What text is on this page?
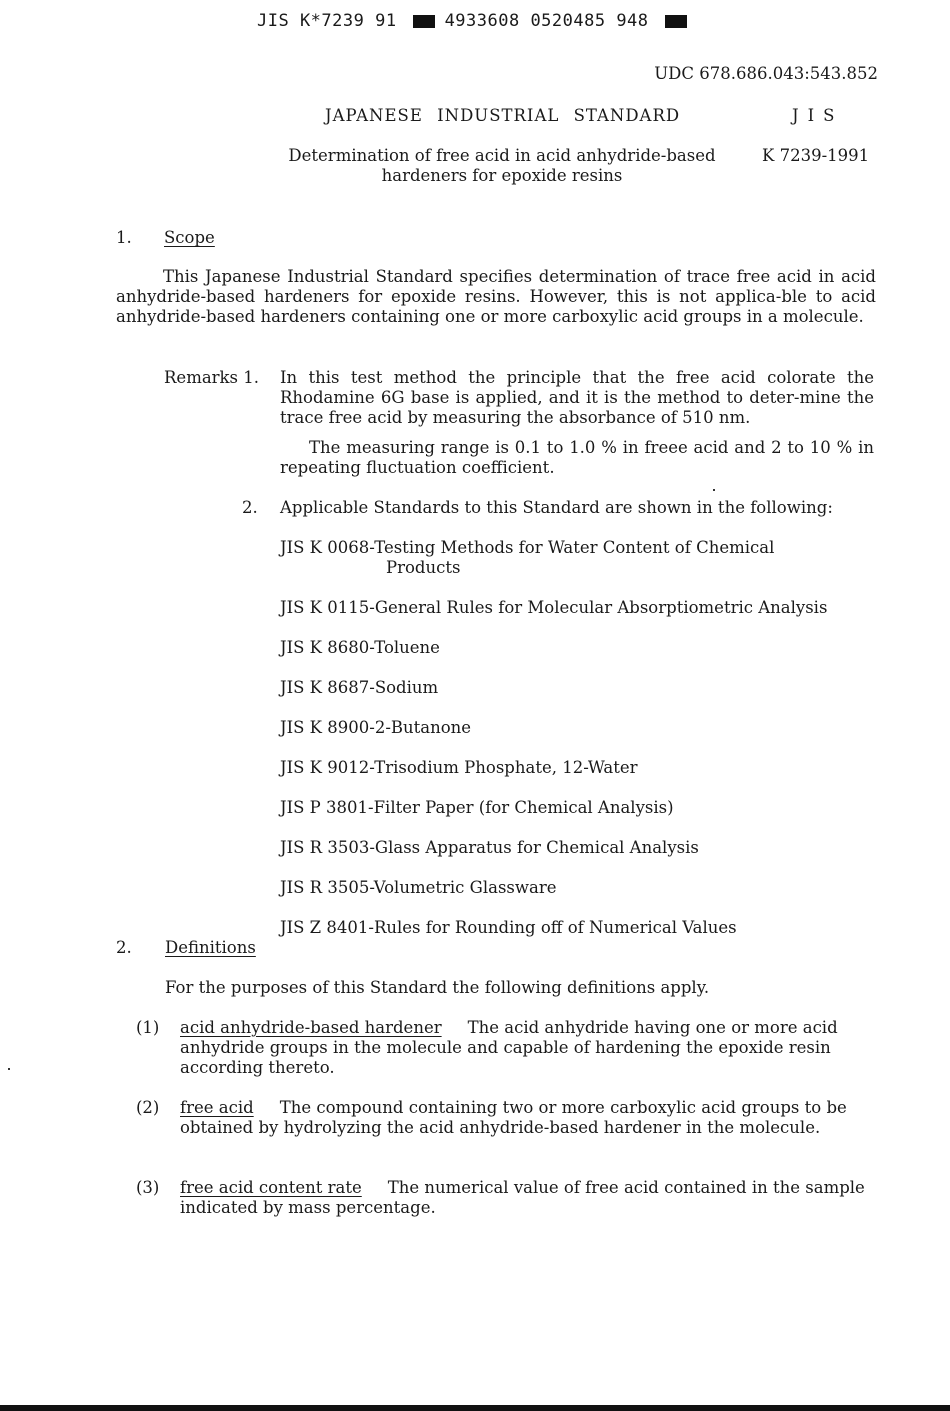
JIS K*7239 91	4933608 0520485 948
UDC 678.686.043:543.852
JAPANESE INDUSTRIAL STANDARD	JIS
Determination of free acid in acid anhydride-based hardeners for epoxide resins
K 7239-1991
1. Scope
This Japanese Industrial Standard specifies determination of trace free acid in acid anhydride-based hardeners for epoxide resins. However, this is not applica-ble to acid anhydride-based hardeners containing one or more carboxylic acid groups in a molecule.
Remarks 1. In this test method the principle that the free acid colorate the Rhodamine 6G base is applied, and it is the method to deter-mine the trace free acid by measuring the absorbance of 510 nm.
The measuring range is 0.1 to 1.0 % in freee acid and 2 to 10 % in repeating fluctuation coefficient.
2. Applicable Standards to this Standard are shown in the following:
JIS K 0068-Testing Methods for Water Content of Chemical
Products
JIS K 0115-General Rules for Molecular Absorptiometric Analysis
JIS K 8680-Toluene
JIS K 8687-Sodium
JIS K 8900-2-Butanone
JIS K 9012-Trisodium Phosphate, 12-Water
JIS P 3801-Filter Paper (for Chemical Analysis)
JIS R 3503-Glass Apparatus for Chemical Analysis
JIS R 3505-Volumetric Glassware
JIS Z 8401-Rules for Rounding off of Numerical Values
2. Definitions
For the purposes of this Standard the following definitions apply.
(1) acid anhydride-based hardener The acid anhydride having one or more acid anhydride groups in the molecule and capable of hardening the epoxide resin according thereto.
(2) free acid The compound containing two or more carboxylic acid groups to be obtained by hydrolyzing the acid anhydride-based hardener in the molecule.
(3) free acid content rate The numerical value of free acid contained in the sample indicated by mass percentage.
